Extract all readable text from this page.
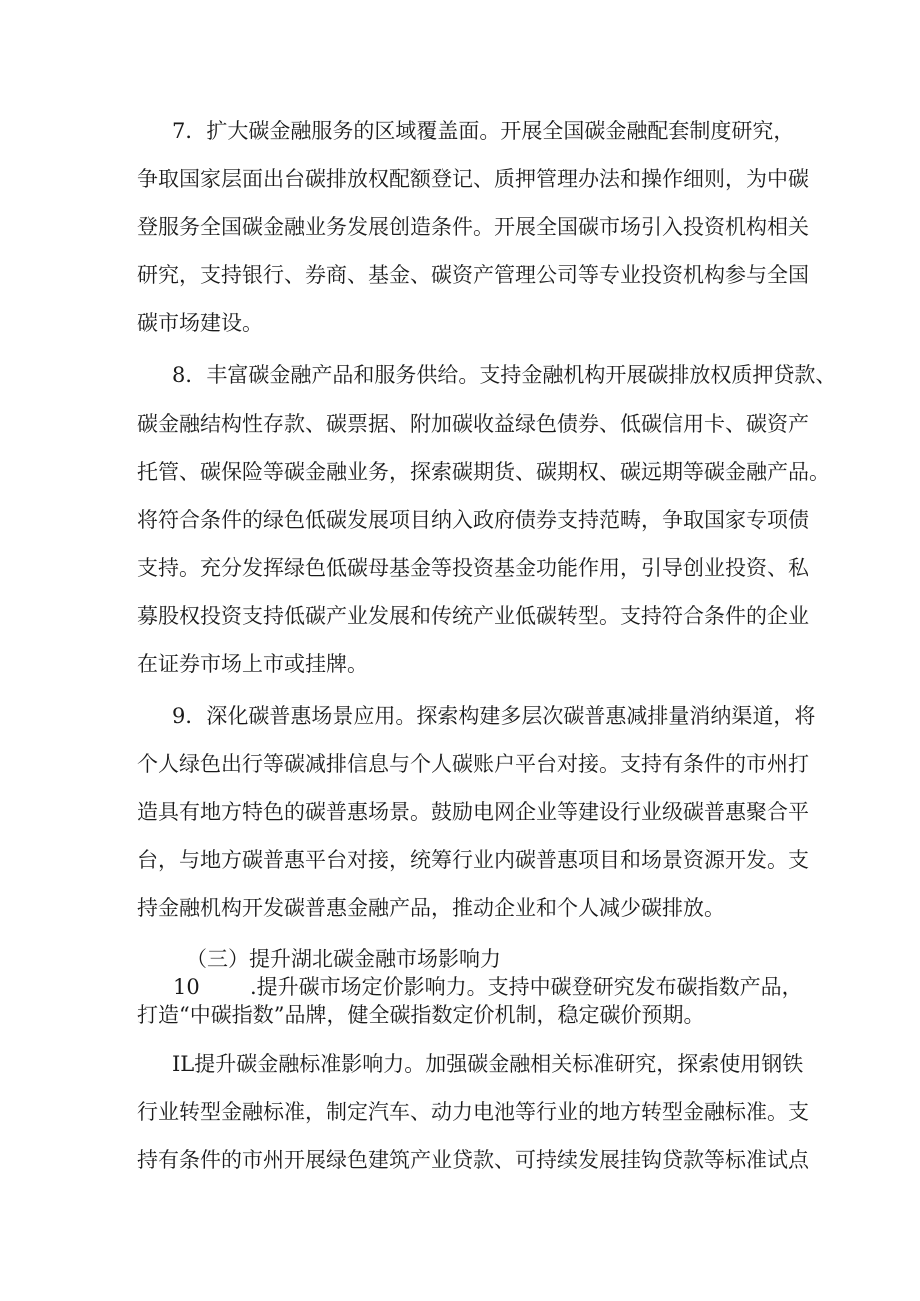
7．扩大碳金融服务的区域覆盖面。开展全国碳金融配套制度研究，
争取国家层面出台碳排放权配额登记、质押管理办法和操作细则，为中碳
登服务全国碳金融业务发展创造条件。开展全国碳市场引入投资机构相关
研究，支持银行、券商、基金、碳资产管理公司等专业投资机构参与全国
碳市场建设。
8．丰富碳金融产品和服务供给。支持金融机构开展碳排放权质押贷款、
碳金融结构性存款、碳票据、附加碳收益绿色债券、低碳信用卡、碳资产
托管、碳保险等碳金融业务，探索碳期货、碳期权、碳远期等碳金融产品。
将符合条件的绿色低碳发展项目纳入政府债券支持范畴，争取国家专项债
支持。充分发挥绿色低碳母基金等投资基金功能作用，引导创业投资、私
募股权投资支持低碳产业发展和传统产业低碳转型。支持符合条件的企业
在证券市场上市或挂牌。
9．深化碳普惠场景应用。探索构建多层次碳普惠减排量消纳渠道，将
个人绿色出行等碳减排信息与个人碳账户平台对接。支持有条件的市州打
造具有地方特色的碳普惠场景。鼓励电网企业等建设行业级碳普惠聚合平
台，与地方碳普惠平台对接，统筹行业内碳普惠项目和场景资源开发。支
持金融机构开发碳普惠金融产品，推动企业和个人减少碳排放。
（三）提升湖北碳金融市场影响力
10 .提升碳市场定价影响力。支持中碳登研究发布碳指数产品，
打造“中碳指数”品牌，健全碳指数定价机制，稳定碳价预期。
IL提升碳金融标准影响力。加强碳金融相关标准研究，探索使用钢铁
行业转型金融标准，制定汽车、动力电池等行业的地方转型金融标准。支
持有条件的市州开展绿色建筑产业贷款、可持续发展挂钩贷款等标准试点
